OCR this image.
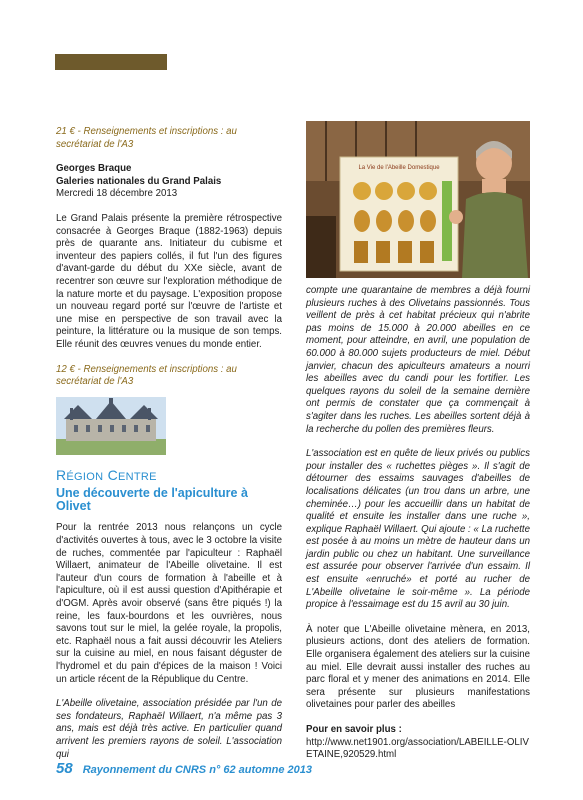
21 € - Renseignements et inscriptions : au secrétariat de l'A3

Georges Braque

Galeries nationales du Grand Palais

Mercredi 18 décembre 2013

Le Grand Palais présente la première rétrospective consacrée à Georges Braque (1882-1963) depuis près de quarante ans. Initiateur du cubisme et inventeur des papiers collés, il fut l'un des figures d'avant-garde du début du XXe siècle, avant de recentrer son œuvre sur l'exploration méthodique de la nature morte et du paysage. L'exposition propose un nouveau regard porté sur l'œuvre de l'artiste et une mise en perspective de son travail avec la peinture, la littérature ou la musique de son temps. Elle réunit des œuvres venues du monde entier.

12 € - Renseignements et inscriptions : au secrétariat de l'A3

RÉGION CENTRE

Une découverte de l'apiculture à Olivet

Pour la rentrée 2013 nous relançons un cycle d'activités ouvertes à tous, avec le 3 octobre la visite de ruches, commentée par l'apiculteur : Raphaël Willaert, animateur de l'Abeille olivetaine. Il est l'auteur d'un cours de formation à l'abeille et à l'apiculture, où il est aussi question d'Apithérapie et d'OGM. Après avoir observé (sans être piqués !) la reine, les faux-bourdons et les ouvrières, nous savons tout sur le miel, la gelée royale, la propolis, etc. Raphaël nous a fait aussi découvrir les Ateliers sur la cuisine au miel, en nous faisant déguster de l'hydromel et du pain d'épices de la maison ! Voici un article récent de la République du Centre.

L'Abeille olivetaine, association présidée par l'un de ses fondateurs, Raphaël Willaert, n'a même pas 3 ans, mais est déjà très active. En particulier quand arrivent les premiers rayons de soleil. L'association qui

La Vie de l'Abeille Domestique

compte une quarantaine de membres a déjà fourni plusieurs ruches à des Olivetains passionnés. Tous veillent de près à cet habitat précieux qui n'abrite pas moins de 15.000 à 20.000 abeilles en ce moment, pour atteindre, en avril, une population de 60.000 à 80.000 sujets producteurs de miel. Début janvier, chacun des apiculteurs amateurs a nourri les abeilles avec du candi pour les fortifier. Les quelques rayons du soleil de la semaine dernière ont permis de constater que ça commençait à s'agiter dans les ruches. Les abeilles sortent déjà à la recherche du pollen des premières fleurs.

L'association est en quête de lieux privés ou publics pour installer des « ruchettes pièges ». Il s'agit de détourner des essaims sauvages d'abeilles de localisations délicates (un trou dans un arbre, une cheminée…) pour les accueillir dans un habitat de qualité et ensuite les installer dans une ruche », explique Raphaël Willaert. Qui ajoute : « La ruchette est posée à au moins un mètre de hauteur dans un jardin public ou chez un habitant. Une surveillance est assurée pour observer l'arrivée d'un essaim. Il est ensuite «enruché» et porté au rucher de L'Abeille olivetaine le soir-même ». La période propice à l'essaimage est du 15 avril au 30 juin.

À noter que L'Abeille olivetaine mènera, en 2013, plusieurs actions, dont des ateliers de formation. Elle organisera également des ateliers sur la cuisine au miel. Elle devrait aussi installer des ruches au parc floral et y mener des animations en 2014. Elle sera présente sur plusieurs manifestations olivetaines pour parler des abeilles

Pour en savoir plus :

http://www.net1901.org/association/LABEILLE-OLIVETAINE,920529.html

58 Rayonnement du CNRS n° 62 automne 2013
